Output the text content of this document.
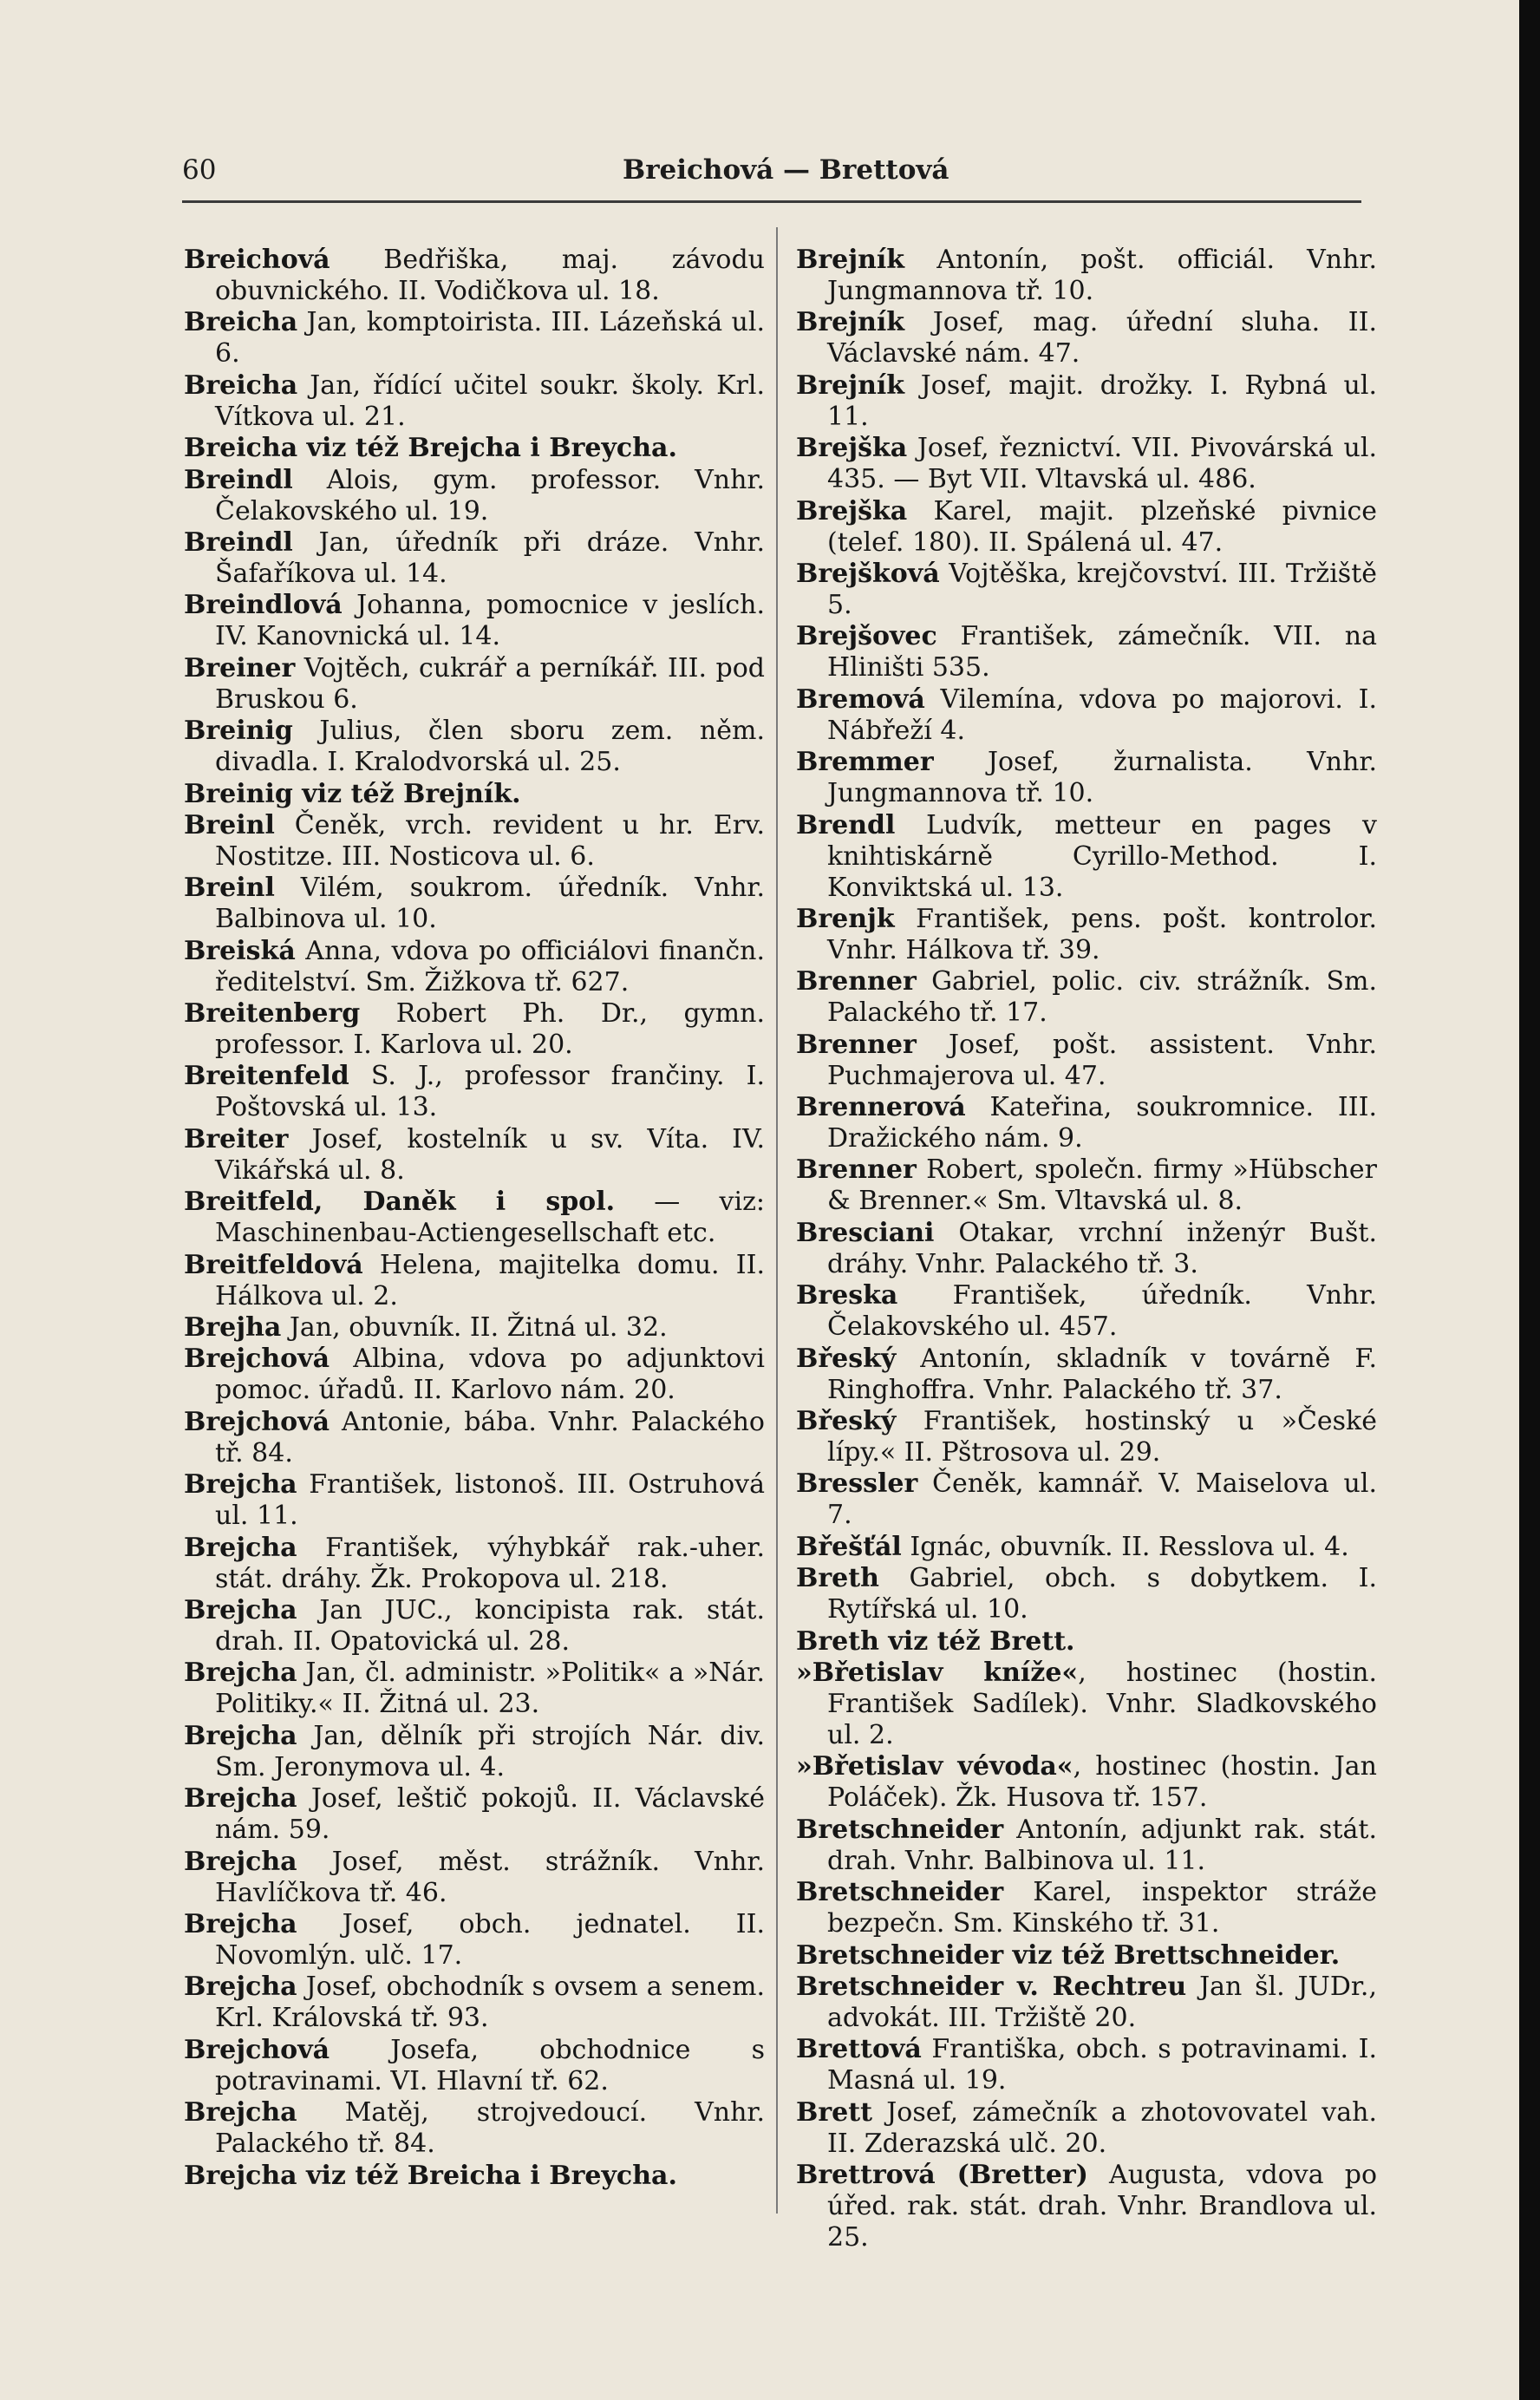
60	Breichová — Brettová

Breichová Bedřiška, maj. závodu obuvnického. II. Vodičkova ul. 18.

Breicha Jan, komptoirista. III. Lázeňská ul. 6.

Breicha Jan, řídící učitel soukr. školy. Krl. Vítkova ul. 21.

Breicha viz též Brejcha i Breycha.

Breindl Alois, gym. professor. Vnhr. Čelakovského ul. 19.

Breindl Jan, úředník při dráze. Vnhr. Šafaříkova ul. 14.

Breindlová Johanna, pomocnice v jeslích. IV. Kanovnická ul. 14.

Breiner Vojtěch, cukrář a perníkář. III. pod Bruskou 6.

Breinig Julius, člen sboru zem. něm. divadla. I. Kralodvorská ul. 25.

Breinig viz též Brejník.

Breinl Čeněk, vrch. revident u hr. Erv. Nostitze. III. Nosticova ul. 6.

Breinl Vilém, soukrom. úředník. Vnhr. Balbinova ul. 10.

Breiská Anna, vdova po officiálovi finančn. ředitelství. Sm. Žižkova tř. 627.

Breitenberg Robert Ph. Dr., gymn. professor. I. Karlova ul. 20.

Breitenfeld S. J., professor frančiny. I. Poštovská ul. 13.

Breiter Josef, kostelník u sv. Víta. IV. Vikářská ul. 8.

Breitfeld, Daněk i spol. — viz: Maschinenbau-Actiengesellschaft etc.

Breitfeldová Helena, majitelka domu. II. Hálkova ul. 2.

Brejha Jan, obuvník. II. Žitná ul. 32.

Brejchová Albina, vdova po adjunktovi pomoc. úřadů. II. Karlovo nám. 20.

Brejchová Antonie, bába. Vnhr. Palackého tř. 84.

Brejcha František, listonoš. III. Ostruhová ul. 11.

Brejcha František, výhybkář rak.-uher. stát. dráhy. Žk. Prokopova ul. 218.

Brejcha Jan JUC., koncipista rak. stát. drah. II. Opatovická ul. 28.

Brejcha Jan, čl. administr. »Politik« a »Nár. Politiky.« II. Žitná ul. 23.

Brejcha Jan, dělník při strojích Nár. div. Sm. Jeronymova ul. 4.

Brejcha Josef, leštič pokojů. II. Václavské nám. 59.

Brejcha Josef, měst. strážník. Vnhr. Havlíčkova tř. 46.

Brejcha Josef, obch. jednatel. II. Novomlýn. ulč. 17.

Brejcha Josef, obchodník s ovsem a senem. Krl. Královská tř. 93.

Brejchová Josefa, obchodnice s potravinami. VI. Hlavní tř. 62.

Brejcha Matěj, strojvedoucí. Vnhr. Palackého tř. 84.

Brejcha viz též Breicha i Breycha.

Brejník Antonín, pošt. officiál. Vnhr. Jungmannova tř. 10.

Brejník Josef, mag. úřední sluha. II. Václavské nám. 47.

Brejník Josef, majit. drožky. I. Rybná ul. 11.

Brejška Josef, řeznictví. VII. Pivovárská ul. 435. — Byt VII. Vltavská ul. 486.

Brejška Karel, majit. plzeňské pivnice (telef. 180). II. Spálená ul. 47.

Brejšková Vojtěška, krejčovství. III. Tržiště 5.

Brejšovec František, zámečník. VII. na Hliništi 535.

Bremová Vilemína, vdova po majorovi. I. Nábřeží 4.

Bremmer Josef, žurnalista. Vnhr. Jungmannova tř. 10.

Brendl Ludvík, metteur en pages v knihtiskárně Cyrillo-Method. I. Konviktská ul. 13.

Brenjk František, pens. pošt. kontrolor. Vnhr. Hálkova tř. 39.

Brenner Gabriel, polic. civ. strážník. Sm. Palackého tř. 17.

Brenner Josef, pošt. assistent. Vnhr. Puchmajerova ul. 47.

Brennerová Kateřina, soukromnice. III. Dražického nám. 9.

Brenner Robert, společn. firmy »Hübscher & Brenner.« Sm. Vltavská ul. 8.

Bresciani Otakar, vrchní inženýr Bušt. dráhy. Vnhr. Palackého tř. 3.

Breska František, úředník. Vnhr. Čelakovského ul. 457.

Břeský Antonín, skladník v továrně F. Ringhoffra. Vnhr. Palackého tř. 37.

Břeský František, hostinský u »České lípy.« II. Pštrosova ul. 29.

Bressler Čeněk, kamnář. V. Maiselova ul. 7.

Břešťál Ignác, obuvník. II. Resslova ul. 4.

Breth Gabriel, obch. s dobytkem. I. Rytířská ul. 10.

Breth viz též Brett.

»Břetislav kníže«, hostinec (hostin. František Sadílek). Vnhr. Sladkovského ul. 2.

»Břetislav vévoda«, hostinec (hostin. Jan Poláček). Žk. Husova tř. 157.

Bretschneider Antonín, adjunkt rak. stát. drah. Vnhr. Balbinova ul. 11.

Bretschneider Karel, inspektor stráže bezpečn. Sm. Kinského tř. 31.

Bretschneider viz též Brettschneider.

Bretschneider v. Rechtreu Jan šl. JUDr., advokát. III. Tržiště 20.

Brettová Františka, obch. s potravinami. I. Masná ul. 19.

Brett Josef, zámečník a zhotovovatel vah. II. Zderazská ulč. 20.

Brettrová (Bretter) Augusta, vdova po úřed. rak. stát. drah. Vnhr. Brandlova ul. 25.
